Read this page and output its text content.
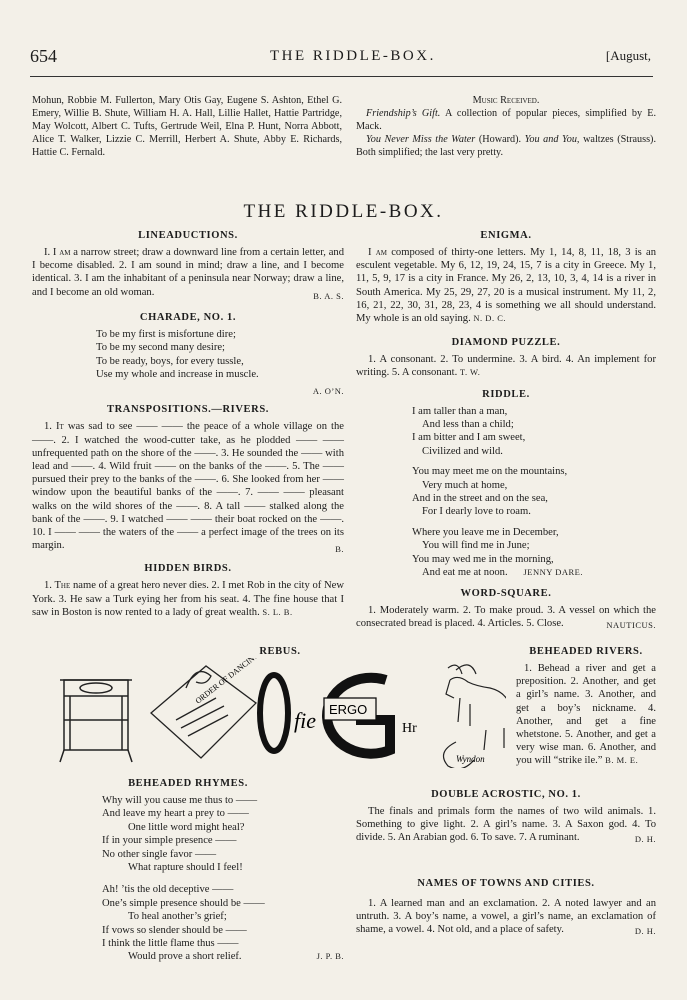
654	THE RIDDLE-BOX.	[August,

Mohun, Robbie M. Fullerton, Mary Otis Gay, Eugene S. Ashton, Ethel G. Emery, Willie B. Shute, William H. A. Hall, Lillie Hallet, Hattie Partridge, May Wolcott, Albert C. Tufts, Gertrude Weil, Elna P. Hunt, Norra Abbott, Alice T. Walker, Lizzie C. Merrill, Herbert A. Shute, Abby E. Richards, Hattie C. Fernald.

Music Received.

Friendship’s Gift. A collection of popular pieces, simplified by E. Mack.

You Never Miss the Water (Howard). You and You, waltzes (Strauss). Both simplified; the last very pretty.

THE RIDDLE-BOX.
LINEADUCTIONS.

I. I am a narrow street; draw a downward line from a certain letter, and I become disabled. 2. I am sound in mind; draw a line, and I become identical. 3. I am the inhabitant of a peninsula near Norway; draw a line, and I become an old woman.	B. A. S.

CHARADE, NO. 1.

To be my first is misfortune dire;

To be my second many desire;

To be ready, boys, for every tussle,

Use my whole and increase in muscle.

A. O’N.

TRANSPOSITIONS.—RIVERS.

1. It was sad to see —— —— the peace of a whole village on the ——. 2. I watched the wood-cutter take, as he plodded —— —— unfrequented path on the shore of the ——. 3. He sounded the —— with lead and ——. 4. Wild fruit —— on the banks of the ——. 5. The —— pursued their prey to the banks of the ——. 6. She looked from her —— window upon the beautiful banks of the ——. 7. —— —— pleasant walks on the wild shores of the ——. 8. A tall —— stalked along the bank of the ——. 9. I watched —— —— their boat rocked on the ——. 10. I —— —— the waters of the —— a perfect image of the trees on its margin.	B.

HIDDEN BIRDS.

1. The name of a great hero never dies. 2. I met Rob in the city of New York. 3. He saw a Turk eying her from his seat. 4. The fine house that I saw in Boston is now rented to a lady of great wealth. S. L. B.

REBUS.
ORDER OF DANCING
fie ERGO
Hr
Wyndon
BEHEADED RHYMES.

Why will you cause me thus to ——

And leave my heart a prey to ——

One little word might heal?

If in your simple presence ——

No other single favor ——

What rapture should I feel!

Ah! ’tis the old deceptive ——

One’s simple presence should be ——

To heal another’s grief;

If vows so slender should be ——

I think the little flame thus ——

Would prove a short relief.	J. P. B.

ENIGMA.

I am composed of thirty-one letters. My 1, 14, 8, 11, 18, 3 is an esculent vegetable. My 6, 12, 19, 24, 15, 7 is a city in Greece. My 1, 11, 5, 9, 17 is a city in France. My 26, 2, 13, 10, 3, 4, 14 is a river in South America. My 25, 29, 27, 20 is a musical instrument. My 11, 2, 16, 21, 22, 30, 31, 28, 23, 4 is something we all should understand. My whole is an old saying. N. D. C.

DIAMOND PUZZLE.

1. A consonant. 2. To undermine. 3. A bird. 4. An implement for writing. 5. A consonant. T. W.

RIDDLE.

I am taller than a man,

And less than a child;

I am bitter and I am sweet,

Civilized and wild.

You may meet me on the mountains,

Very much at home,

And in the street and on the sea,

For I dearly love to roam.

Where you leave me in December,

You will find me in June;

You may wed me in the morning,

And eat me at noon. JENNY DARE.

WORD-SQUARE.

1. Moderately warm. 2. To make proud. 3. A vessel on which the consecrated bread is placed. 4. Articles. 5. Close.	NAUTICUS.

BEHEADED RIVERS.

1. Behead a river and get a preposition. 2. Another, and get a girl’s name. 3. Another, and get a boy’s nickname. 4. Another, and get a fine whetstone. 5. Another, and get a very wise man. 6. Another, and you will “strike ile.” B. M. E.

DOUBLE ACROSTIC, NO. 1.

The finals and primals form the names of two wild animals. 1. Something to give light. 2. A girl’s name. 3. A Saxon god. 4. To divide. 5. An Arabian god. 6. To save. 7. A ruminant.	D. H.

NAMES OF TOWNS AND CITIES.

1. A learned man and an exclamation. 2. A noted lawyer and an untruth. 3. A boy’s name, a vowel, a girl’s name, an exclamation of shame, a vowel. 4. Not old, and a place of safety.	D. H.
